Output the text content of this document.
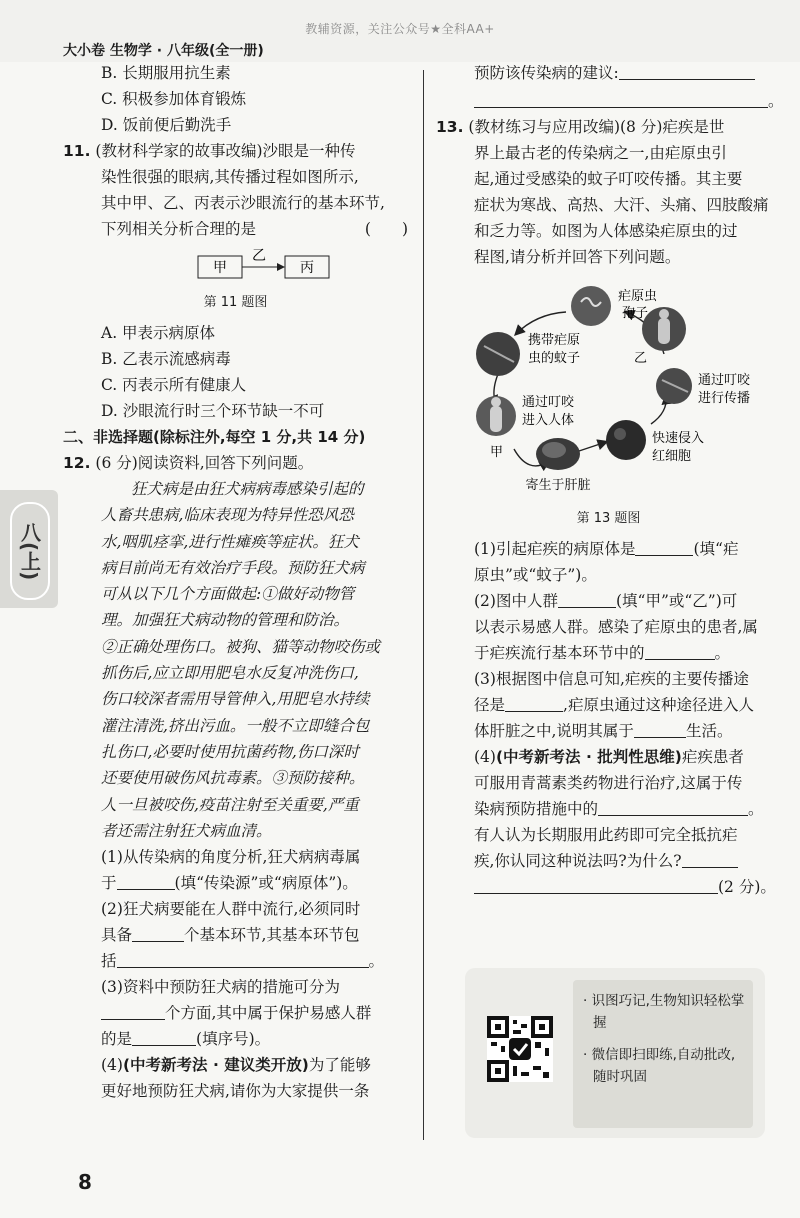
教辅资源，关注公众号★全科AA+
大小卷 生物学 · 八年级(全一册)
B. 长期服用抗生素
C. 积极参加体育锻炼
D. 饭前便后勤洗手
11. (教材科学家的故事改编)沙眼是一种传
染性很强的眼病,其传播过程如图所示,
其中甲、乙、丙表示沙眼流行的基本环节,
下列相关分析合理的是	(　　)
甲
乙
丙
第 11 题图
A. 甲表示病原体
B. 乙表示流感病毒
C. 丙表示所有健康人
D. 沙眼流行时三个环节缺一不可
二、非选择题(除标注外,每空 1 分,共 14 分)
12. (6 分)阅读资料,回答下列问题。
狂犬病是由狂犬病病毒感染引起的
人畜共患病,临床表现为特异性恐风恐
水,咽肌痉挛,进行性瘫痪等症状。狂犬
病目前尚无有效治疗手段。预防狂犬病
可从以下几个方面做起:①做好动物管
理。加强狂犬病动物的管理和防治。
②正确处理伤口。被狗、猫等动物咬伤或
抓伤后,应立即用肥皂水反复冲洗伤口,
伤口较深者需用导管伸入,用肥皂水持续
灌注清洗,挤出污血。一般不立即缝合包
扎伤口,必要时使用抗菌药物,伤口深时
还要使用破伤风抗毒素。③预防接种。
人一旦被咬伤,疫苗注射至关重要,严重
者还需注射狂犬病血清。
(1)从传染病的角度分析,狂犬病病毒属
于	(填“传染源”或“病原体”)。
(2)狂犬病要能在人群中流行,必须同时
具备	个基本环节,其基本环节包
括	。
(3)资料中预防狂犬病的措施可分为
个方面,其中属于保护易感人群
的是	(填序号)。
(4)(中考新考法 · 建议类开放)为了能够
更好地预防狂犬病,请你为大家提供一条
预防该传染病的建议:
。
13. (教材练习与应用改编)(8 分)疟疾是世
界上最古老的传染病之一,由疟原虫引
起,通过受感染的蚊子叮咬传播。其主要
症状为寒战、高热、大汗、头痛、四肢酸痛
和乏力等。如图为人体感染疟原虫的过
程图,请分析并回答下列问题。
疟原虫
孢子
携带疟原
虫的蚊子	乙
通过叮咬
进行传播
通过叮咬
进入人体
甲
寄生于肝脏
快速侵入
红细胞
第 13 题图
(1)引起疟疾的病原体是	(填“疟
原虫”或“蚊子”)。
(2)图中人群	(填“甲”或“乙”)可
以表示易感人群。感染了疟原虫的患者,属
于疟疾流行基本环节中的	。
(3)根据图中信息可知,疟疾的主要传播途
径是	,疟原虫通过这种途径进入人
体肝脏之中,说明其属于	生活。
(4)(中考新考法 · 批判性思维)疟疾患者
可服用青蒿素类药物进行治疗,这属于传
染病预防措施中的	。
有人认为长期服用此药即可完全抵抗疟
疾,你认同这种说法吗?为什么?
(2 分)。
八(上)
· 识图巧记,生物知识轻松掌握
· 微信即扫即练,自动批改,随时巩固
8
